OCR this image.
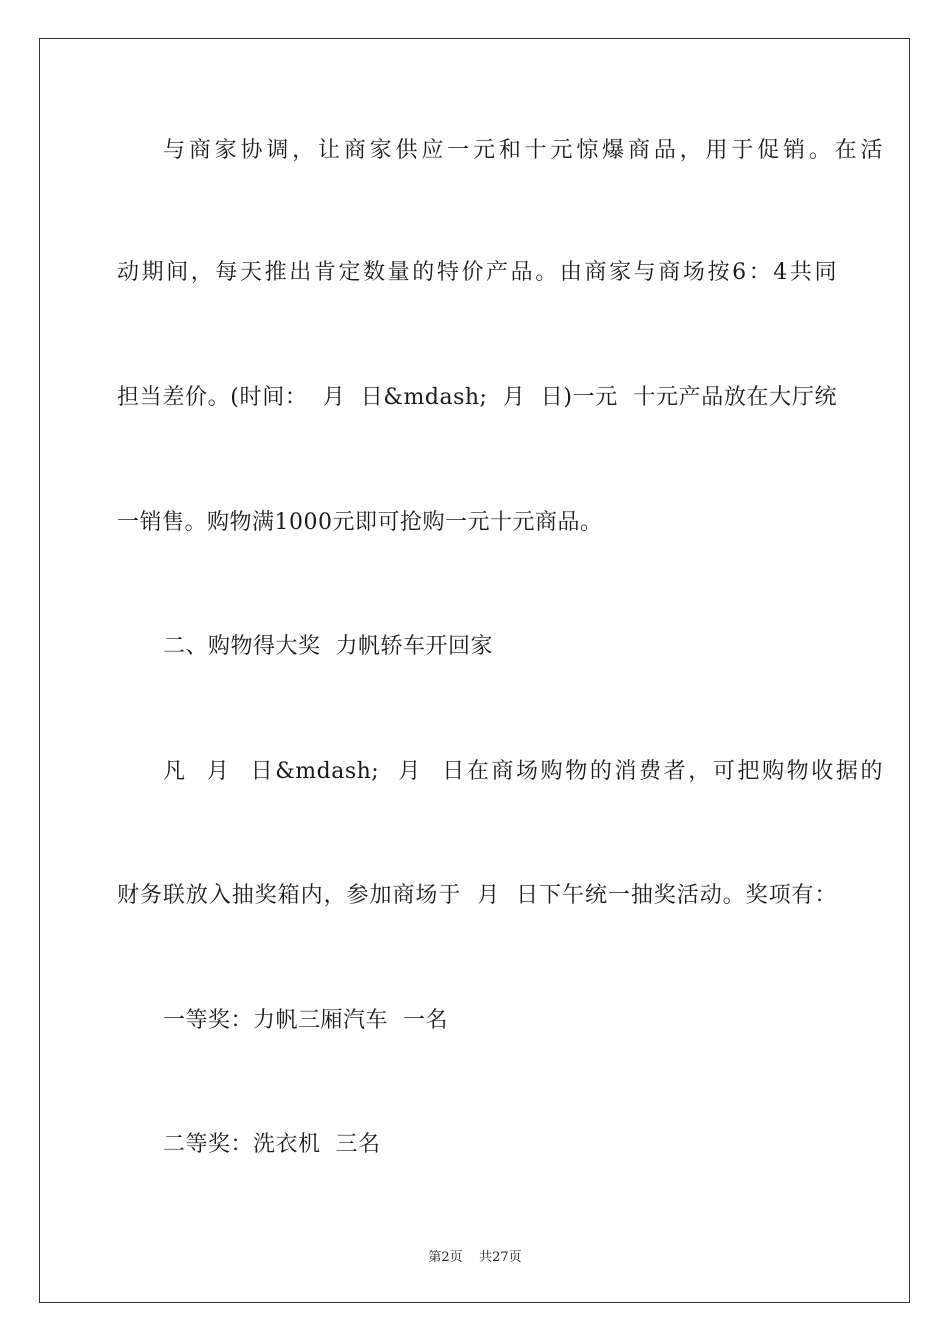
与商家协调，让商家供应一元和十元惊爆商品，用于促销。在活
动期间，每天推出肯定数量的特价产品。由商家与商场按6：4共同
担当差价。(时间：  月  日&mdash;  月  日)一元  十元产品放在大厅统
一销售。购物满1000元即可抢购一元十元商品。
二、购物得大奖  力帆轿车开回家
凡  月  日&mdash;  月  日在商场购物的消费者，可把购物收据的
财务联放入抽奖箱内，参加商场于  月  日下午统一抽奖活动。奖项有：
一等奖：力帆三厢汽车  一名
二等奖：洗衣机  三名
第2页    共27页
